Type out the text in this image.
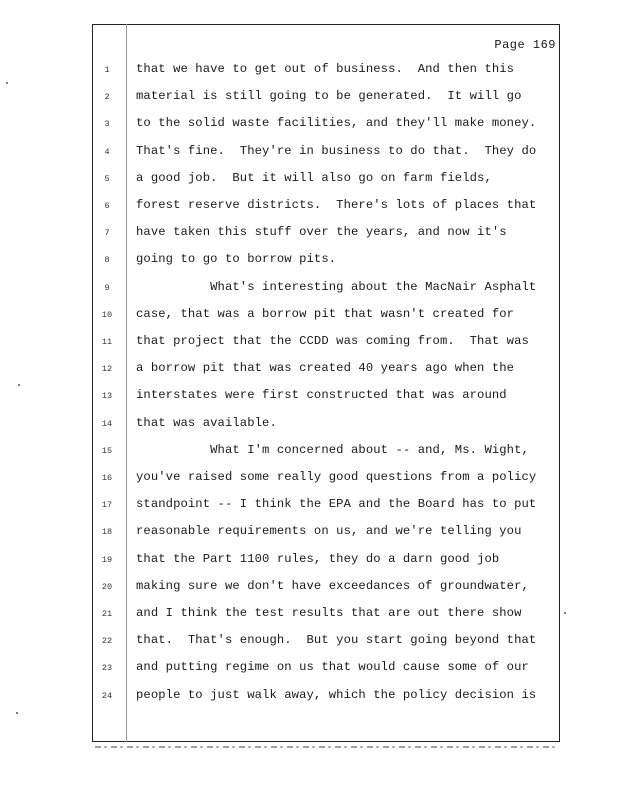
Page 169
1	that we have to get out of business.  And then this
2	material is still going to be generated.  It will go
3	to the solid waste facilities, and they'll make money.
4	That's fine.  They're in business to do that.  They do
5	a good job.  But it will also go on farm fields,
6	forest reserve districts.  There's lots of places that
7	have taken this stuff over the years, and now it's
8	going to go to borrow pits.
9	What's interesting about the MacNair Asphalt
10	case, that was a borrow pit that wasn't created for
11	that project that the CCDD was coming from.  That was
12	a borrow pit that was created 40 years ago when the
13	interstates were first constructed that was around
14	that was available.
15	What I'm concerned about -- and, Ms. Wight,
16	you've raised some really good questions from a policy
17	standpoint -- I think the EPA and the Board has to put
18	reasonable requirements on us, and we're telling you
19	that the Part 1100 rules, they do a darn good job
20	making sure we don't have exceedances of groundwater,
21	and I think the test results that are out there show
22	that.  That's enough.  But you start going beyond that
23	and putting regime on us that would cause some of our
24	people to just walk away, which the policy decision is
